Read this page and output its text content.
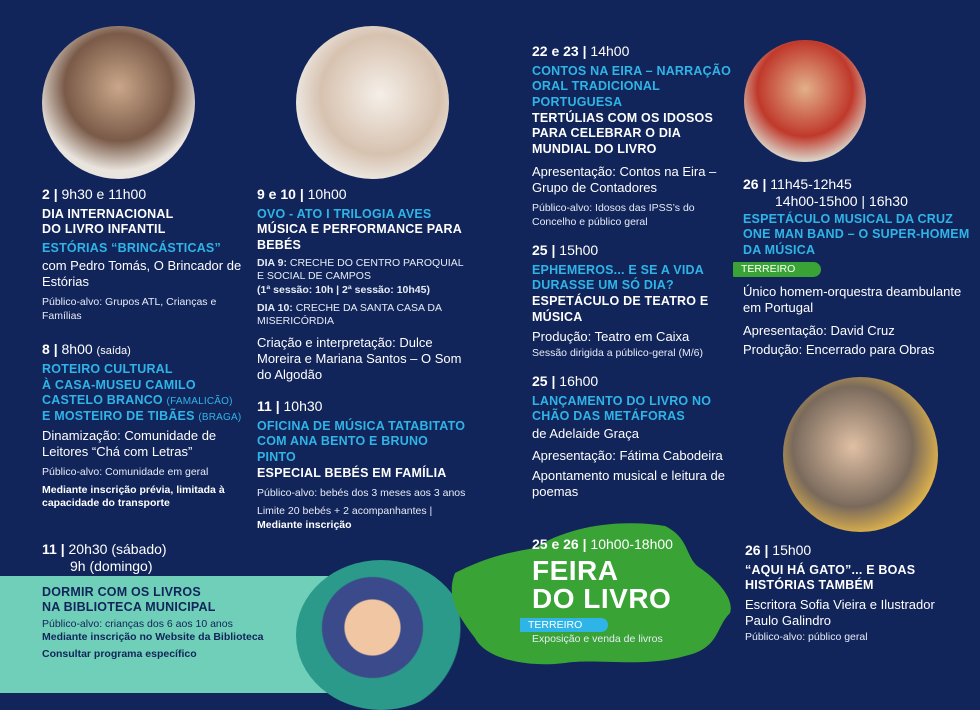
2 | 9h30 e 11h00
DIA INTERNACIONAL
DO LIVRO INFANTIL
ESTÓRIAS “BRINCÁSTICAS”
com Pedro Tomás, O Brincador de Estórias
Público-alvo: Grupos ATL, Crianças e Famílias
8 | 8h00 (saída)
ROTEIRO CULTURAL
À CASA-MUSEU CAMILO
CASTELO BRANCO (FAMALICÃO)
E MOSTEIRO DE TIBÃES (BRAGA)
Dinamização: Comunidade de Leitores “Chá com Letras”
Público-alvo: Comunidade em geral
Mediante inscrição prévia, limitada à capacidade do transporte
11 | 20h30 (sábado)
9h (domingo)
DORMIR COM OS LIVROS
NA BIBLIOTECA MUNICIPAL
Público-alvo: crianças dos 6 aos 10 anos
Mediante inscrição no Website da Biblioteca
Consultar programa específico
9 e 10 | 10h00
OVO - ATO I TRILOGIA AVES
MÚSICA E PERFORMANCE PARA BEBÉS
DIA 9: CRECHE DO CENTRO PAROQUIAL E SOCIAL DE CAMPOS
(1ª sessão: 10h | 2ª sessão: 10h45)
DIA 10: CRECHE DA SANTA CASA DA MISERICÓRDIA
Criação e interpretação: Dulce Moreira e Mariana Santos – O Som do Algodão
11 | 10h30
OFICINA DE MÚSICA TATABITATO COM ANA BENTO E BRUNO PINTO
ESPECIAL BEBÉS EM FAMÍLIA
Público-alvo: bebés dos 3 meses aos 3 anos
Limite 20 bebés + 2 acompanhantes |
Mediante inscrição
22 e 23 | 14h00
CONTOS NA EIRA – NARRAÇÃO ORAL TRADICIONAL PORTUGUESA
TERTÚLIAS COM OS IDOSOS PARA CELEBRAR O DIA MUNDIAL DO LIVRO
Apresentação: Contos na Eira – Grupo de Contadores
Público-alvo: Idosos das IPSS’s do Concelho e público geral
25 | 15h00
EPHEMEROS... E SE A VIDA DURASSE UM SÓ DIA?
ESPETÁCULO DE TEATRO E MÚSICA
Produção: Teatro em Caixa
Sessão dirigida a público-geral (M/6)
25 | 16h00
LANÇAMENTO DO LIVRO NO CHÃO DAS METÁFORAS
de Adelaide Graça
Apresentação: Fátima Cabodeira
Apontamento musical e leitura de poemas
25 e 26 | 10h00-18h00
FEIRA
DO LIVRO
TERREIRO
Exposição e venda de livros
26 | 11h45-12h45
14h00-15h00 | 16h30
ESPETÁCULO MUSICAL DA CRUZ ONE MAN BAND – O SUPER-HOMEM DA MÚSICA
TERREIRO
Único homem-orquestra deambulante em Portugal
Apresentação: David Cruz
Produção: Encerrado para Obras
26 | 15h00
“AQUI HÁ GATO”... E BOAS HISTÓRIAS TAMBÉM
Escritora Sofia Vieira e Ilustrador Paulo Galindro
Público-alvo: público geral
